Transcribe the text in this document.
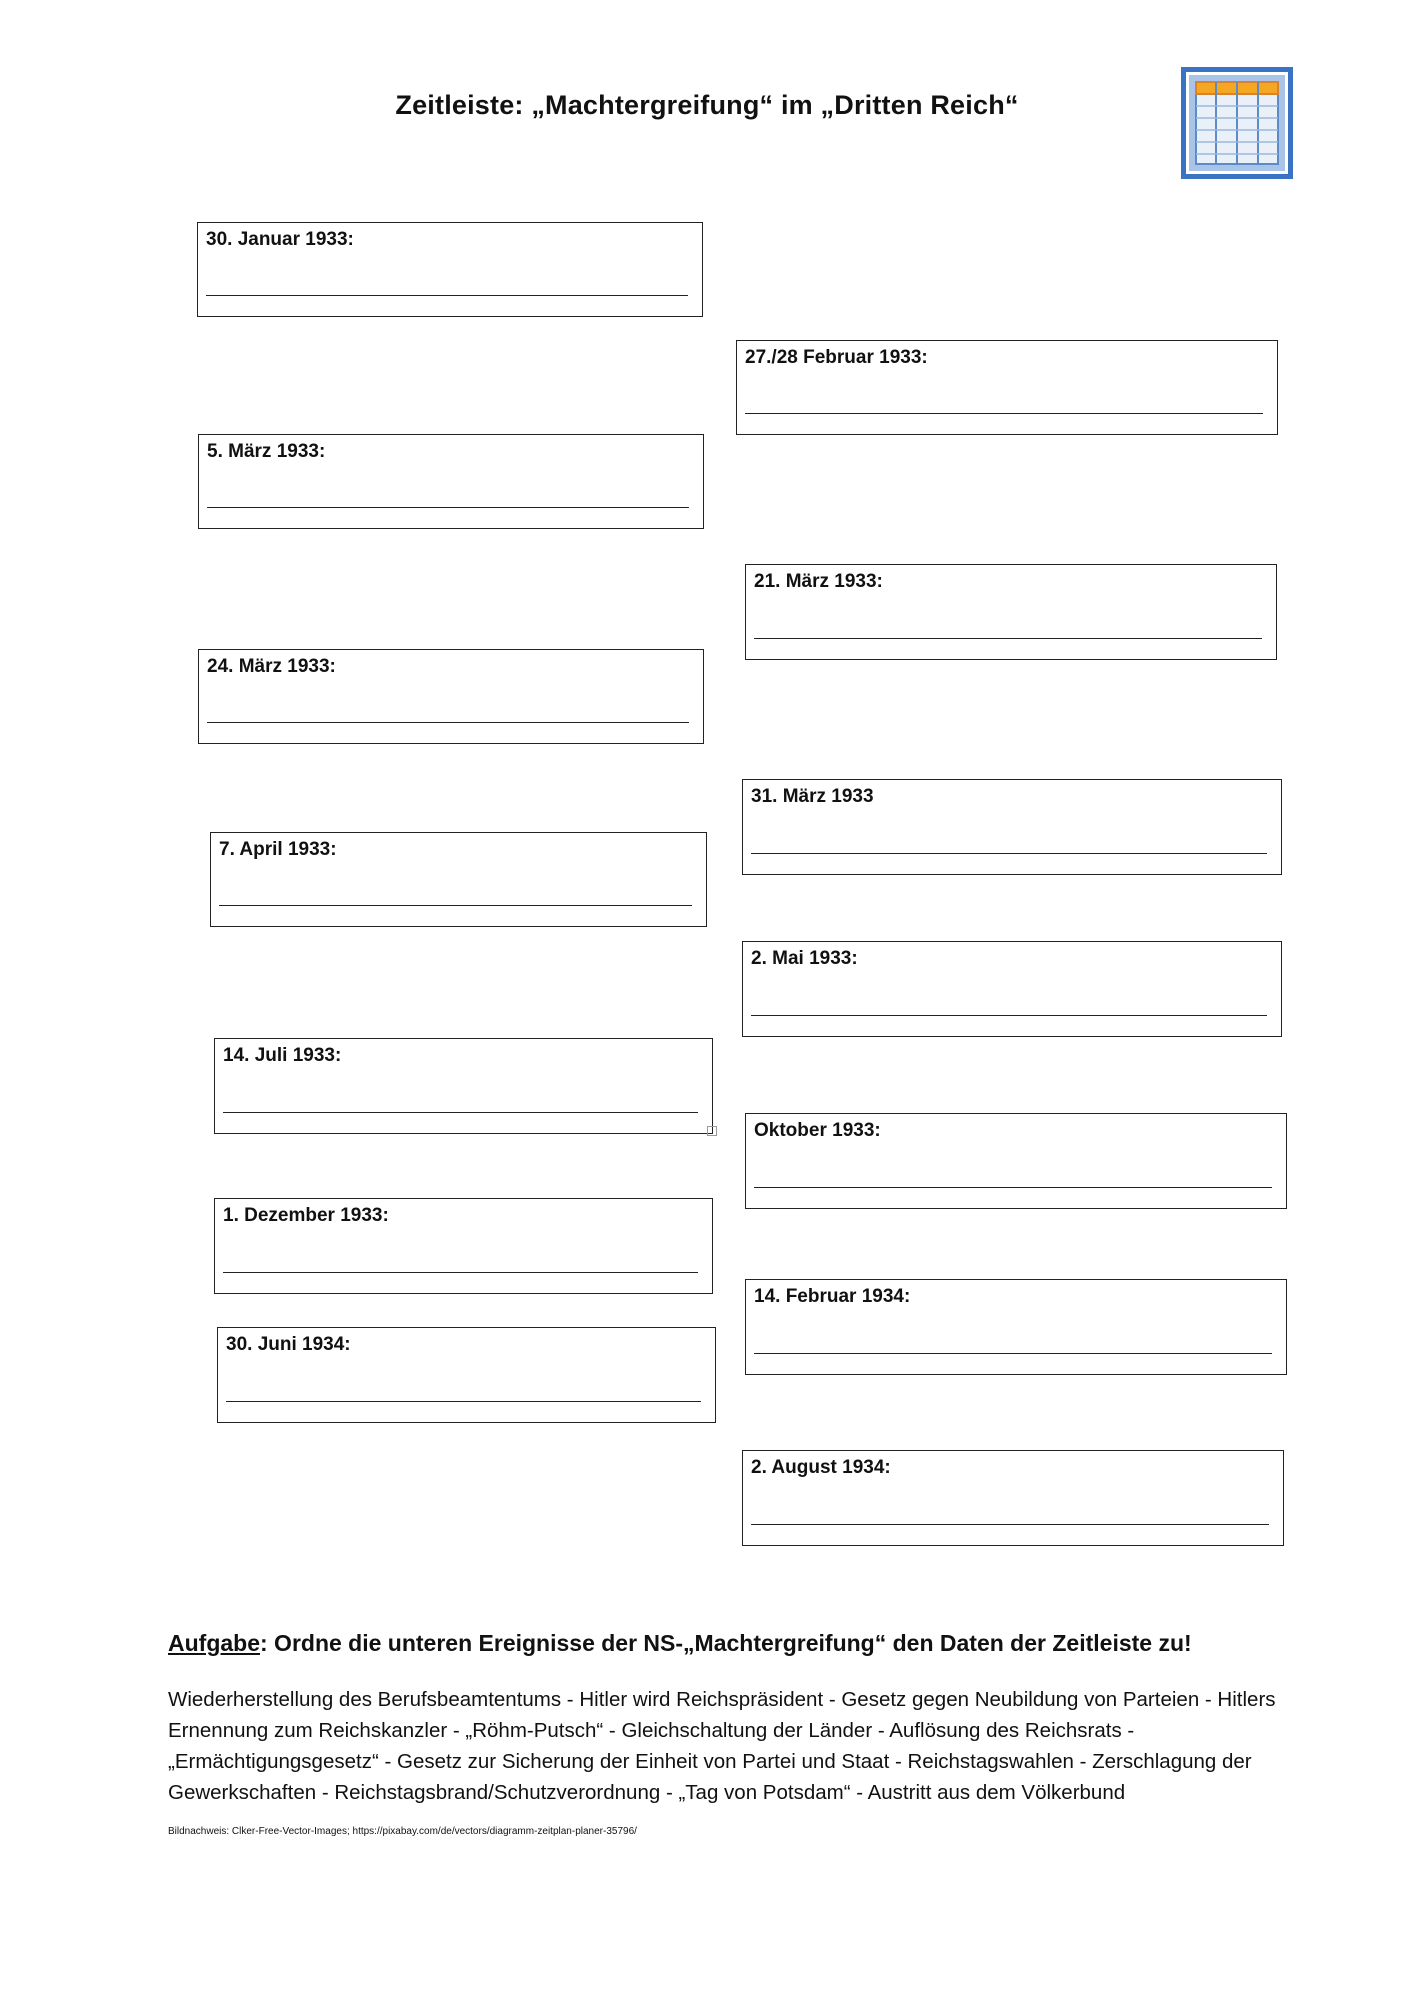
Zeitleiste: „Machtergreifung“ im „Dritten Reich“
30. Januar 1933:
5. März 1933:
24. März 1933:
7. April 1933:
14. Juli 1933:
1. Dezember 1933:
30. Juni 1934:
27./28 Februar 1933:
21. März 1933:
31. März 1933
2. Mai 1933:
Oktober 1933:
14. Februar 1934:
2. August 1934:
Aufgabe: Ordne die unteren Ereignisse der NS-„Machtergreifung“ den Daten der Zeitleiste zu!
Wiederherstellung des Berufsbeamtentums - Hitler wird Reichspräsident - Gesetz gegen Neubildung von Parteien - Hitlers Ernennung zum Reichskanzler - „Röhm-Putsch“ - Gleichschaltung der Länder - Auflösung des Reichsrats - „Ermächtigungsgesetz“ - Gesetz zur Sicherung der Einheit von Partei und Staat - Reichstagswahlen - Zerschlagung der Gewerkschaften - Reichstagsbrand/Schutzverordnung - „Tag von Potsdam“ - Austritt aus dem Völkerbund
Bildnachweis: Clker-Free-Vector-Images; https://pixabay.com/de/vectors/diagramm-zeitplan-planer-35796/
